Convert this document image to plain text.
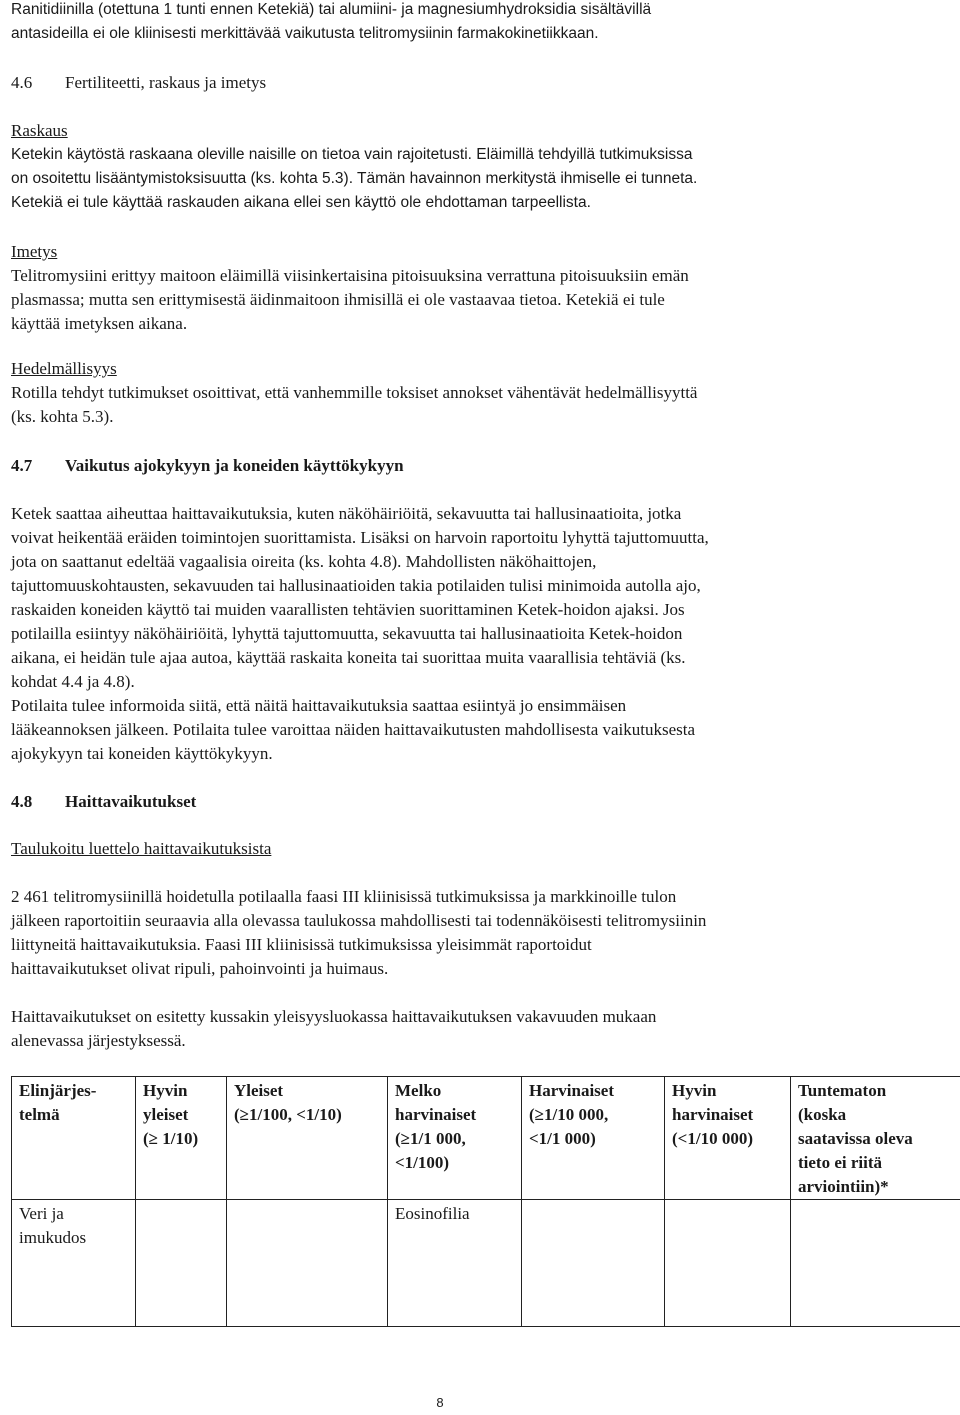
Ranitidiinilla (otettuna 1 tunti ennen Ketekiä) tai alumiini- ja magnesiumhydroksidia sisältävillä
antasideilla ei ole kliinisesti merkittävää vaikutusta telitromysiinin farmakokinetiikkaan.

4.6 Fertiliteetti, raskaus ja imetys
Raskaus

Ketekin käytöstä raskaana oleville naisille on tietoa vain rajoitetusti. Eläimillä tehdyillä tutkimuksissa
on osoitettu lisääntymistoksisuutta (ks. kohta 5.3). Tämän havainnon merkitystä ihmiselle ei tunneta.
Ketekiä ei tule käyttää raskauden aikana ellei sen käyttö ole ehdottaman tarpeellista.

Imetys

Telitromysiini erittyy maitoon eläimillä viisinkertaisina pitoisuuksina verrattuna pitoisuuksiin emän
plasmassa; mutta sen erittymisestä äidinmaitoon ihmisillä ei ole vastaavaa tietoa. Ketekiä ei tule
käyttää imetyksen aikana.

Hedelmällisyys

Rotilla tehdyt tutkimukset osoittivat, että vanhemmille toksiset annokset vähentävät hedelmällisyyttä
(ks. kohta 5.3).

4.7 Vaikutus ajokykyyn ja koneiden käyttökykyyn

Ketek saattaa aiheuttaa haittavaikutuksia, kuten näköhäiriöitä, sekavuutta tai hallusinaatioita, jotka
voivat heikentää eräiden toimintojen suorittamista. Lisäksi on harvoin raportoitu lyhyttä tajuttomuutta,
jota on saattanut edeltää vagaalisia oireita (ks. kohta 4.8). Mahdollisten näköhaittojen,
tajuttomuuskohtausten, sekavuuden tai hallusinaatioiden takia potilaiden tulisi minimoida autolla ajo,
raskaiden koneiden käyttö tai muiden vaarallisten tehtävien suorittaminen Ketek-hoidon ajaksi. Jos
potilailla esiintyy näköhäiriöitä, lyhyttä tajuttomuutta, sekavuutta tai hallusinaatioita Ketek-hoidon
aikana, ei heidän tule ajaa autoa, käyttää raskaita koneita tai suorittaa muita vaarallisia tehtäviä (ks.
kohdat 4.4 ja 4.8).
Potilaita tulee informoida siitä, että näitä haittavaikutuksia saattaa esiintyä jo ensimmäisen
lääkeannoksen jälkeen. Potilaita tulee varoittaa näiden haittavaikutusten mahdollisesta vaikutuksesta
ajokykyyn tai koneiden käyttökykyyn.

4.8 Haittavaikutukset
Taulukoitu luettelo haittavaikutuksista

2 461 telitromysiinillä hoidetulla potilaalla faasi III kliinisissä tutkimuksissa ja markkinoille tulon
jälkeen raportoitiin seuraavia alla olevassa taulukossa mahdollisesti tai todennäköisesti telitromysiinin
liittyneitä haittavaikutuksia. Faasi III kliinisissä tutkimuksissa yleisimmät raportoidut
haittavaikutukset olivat ripuli, pahoinvointi ja huimaus.

Haittavaikutukset on esitetty kussakin yleisyysluokassa haittavaikutuksen vakavuuden mukaan
alenevassa järjestyksessä.

Elinjärjes-
telmä	Hyvin
yleiset
(≥ 1/10)	Yleiset
(≥1/100, <1/10)	Melko
harvinaiset
(≥1/1 000,
<1/100)	Harvinaiset
(≥1/10 000,
<1/1 000)	Hyvin
harvinaiset
(<1/10 000)	Tuntematon
(koska
saatavissa oleva
tieto ei riitä
arviointiin)*
Veri ja
imukudos			Eosinofilia			
8
